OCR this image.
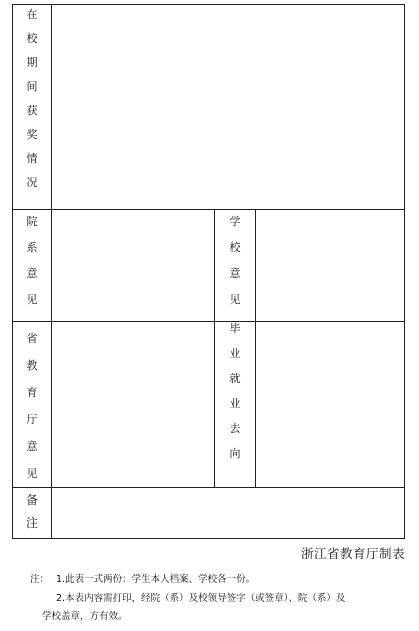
在
校
期
间
获
奖
情
况
院
系
意
见
学
校
意
见
省
教
育
厅
意
见
毕
业
就
业
去
向
备
注
浙江省教育厅制表
注： 1.此表一式两份：学生本人档案、学校各一份。
2.本表内容需打印，经院（系）及校领导签字（或签章）、院（系）及
学校盖章，方有效。
